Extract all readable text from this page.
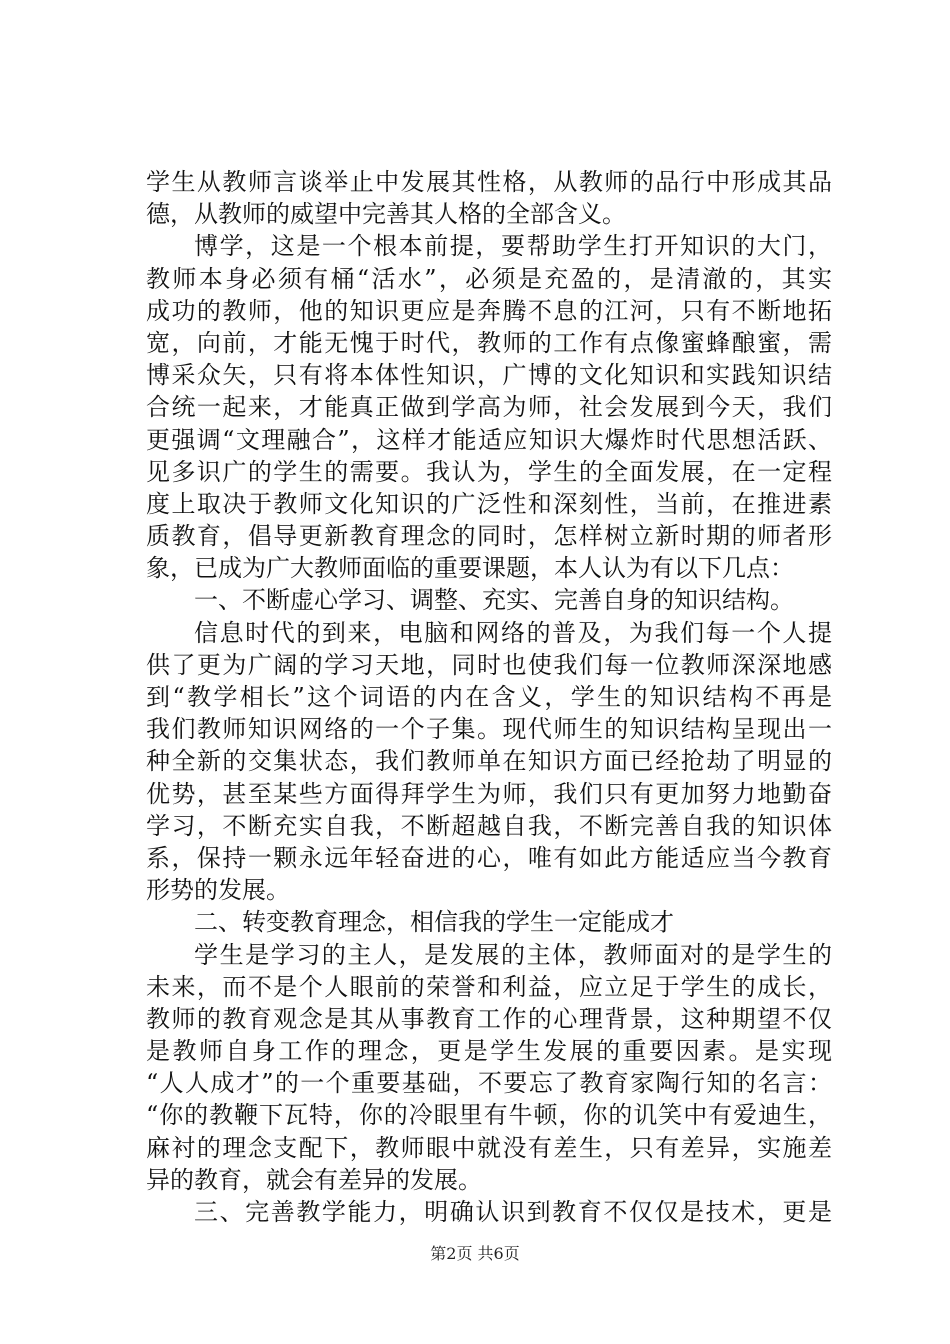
学生从教师言谈举止中发展其性格，从教师的品行中形成其品
德，从教师的威望中完善其人格的全部含义。
博学，这是一个根本前提，要帮助学生打开知识的大门，
教师本身必须有桶“活水”，必须是充盈的，是清澈的，其实
成功的教师，他的知识更应是奔腾不息的江河，只有不断地拓
宽，向前，才能无愧于时代，教师的工作有点像蜜蜂酿蜜，需
博采众矢，只有将本体性知识，广博的文化知识和实践知识结
合统一起来，才能真正做到学高为师，社会发展到今天，我们
更强调“文理融合”，这样才能适应知识大爆炸时代思想活跃、
见多识广的学生的需要。我认为，学生的全面发展，在一定程
度上取决于教师文化知识的广泛性和深刻性，当前，在推进素
质教育，倡导更新教育理念的同时，怎样树立新时期的师者形
象，已成为广大教师面临的重要课题，本人认为有以下几点：
一、不断虚心学习、调整、充实、完善自身的知识结构。
信息时代的到来，电脑和网络的普及，为我们每一个人提
供了更为广阔的学习天地，同时也使我们每一位教师深深地感
到“教学相长”这个词语的内在含义，学生的知识结构不再是
我们教师知识网络的一个子集。现代师生的知识结构呈现出一
种全新的交集状态，我们教师单在知识方面已经抢劫了明显的
优势，甚至某些方面得拜学生为师，我们只有更加努力地勤奋
学习，不断充实自我，不断超越自我，不断完善自我的知识体
系，保持一颗永远年轻奋进的心，唯有如此方能适应当今教育
形势的发展。
二、转变教育理念，相信我的学生一定能成才
学生是学习的主人，是发展的主体，教师面对的是学生的
未来，而不是个人眼前的荣誉和利益，应立足于学生的成长，
教师的教育观念是其从事教育工作的心理背景，这种期望不仅
是教师自身工作的理念，更是学生发展的重要因素。是实现
“人人成才”的一个重要基础，不要忘了教育家陶行知的名言：
“你的教鞭下瓦特，你的冷眼里有牛顿，你的讥笑中有爱迪生，
麻衬的理念支配下，教师眼中就没有差生，只有差异，实施差
异的教育，就会有差异的发展。
三、完善教学能力，明确认识到教育不仅仅是技术，更是
第2页 共6页
